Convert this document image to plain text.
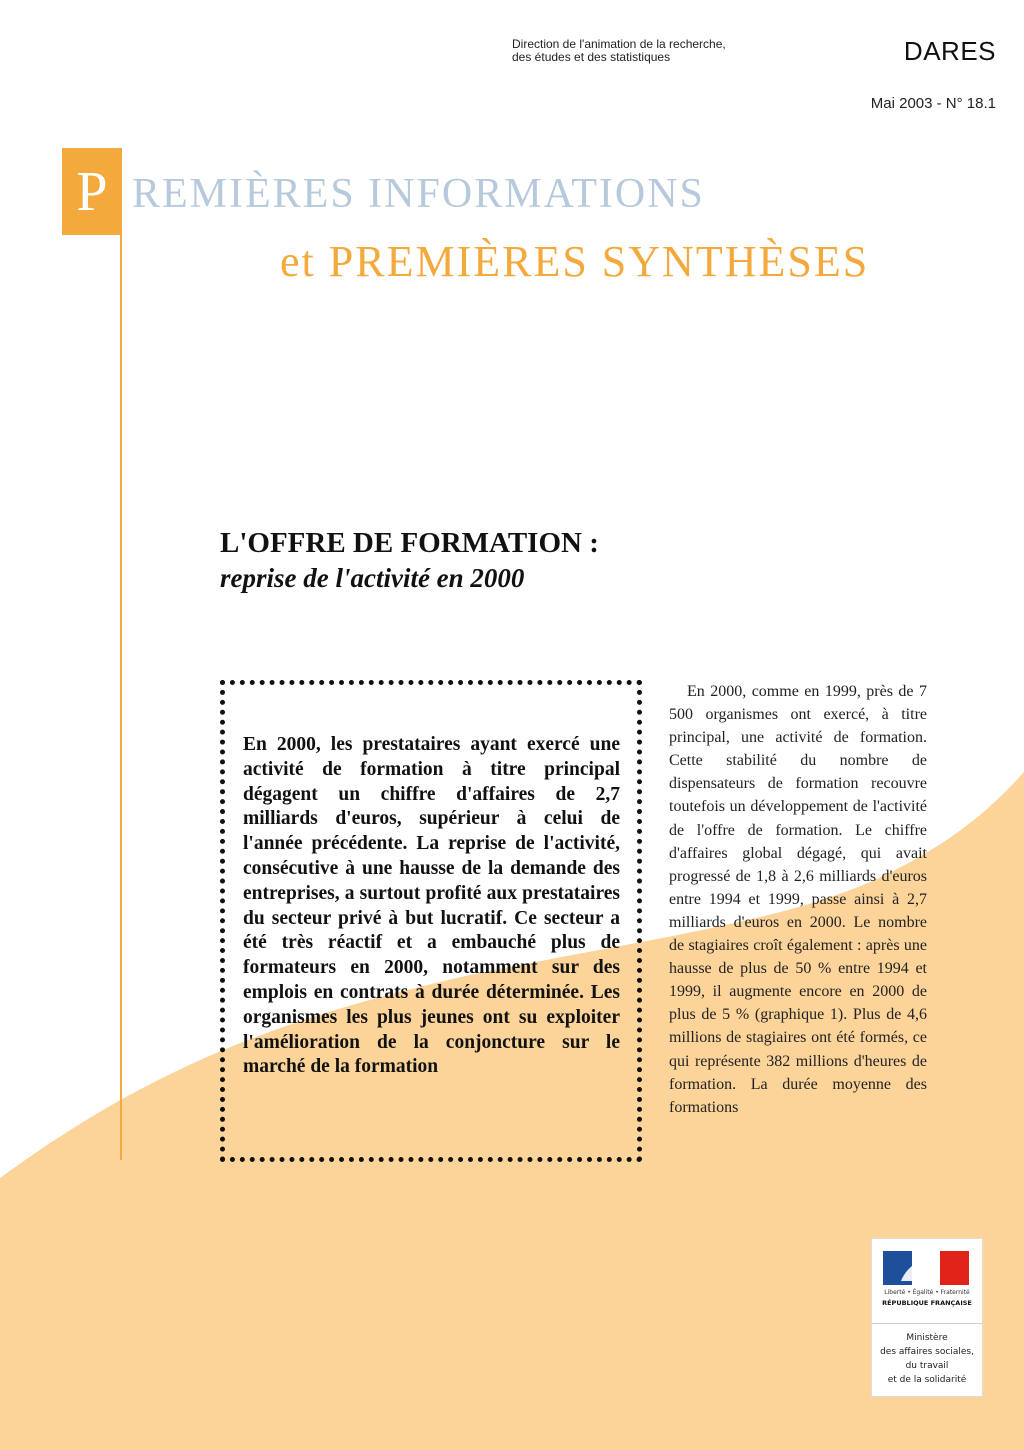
Direction de l'animation de la recherche,
des études et des statistiques	DARES
Mai 2003 - N° 18.1
P REMIÈRES INFORMATIONS
et PREMIÈRES SYNTHÈSES
L'OFFRE DE FORMATION :
reprise de l'activité en 2000

En 2000, les prestataires ayant exercé une activité de formation à titre principal dégagent un chiffre d'affaires de 2,7 milliards d'euros, supérieur à celui de l'année précédente. La reprise de l'activité, consécutive à une hausse de la demande des entreprises, a surtout profité aux prestataires du secteur privé à but lucratif. Ce secteur a été très réactif et a embauché plus de formateurs en 2000, notamment sur des emplois en contrats à durée déterminée. Les organismes les plus jeunes ont su exploiter l'amélioration de la conjoncture sur le marché de la formation

En 2000, comme en 1999, près de 7 500 organismes ont exercé, à titre principal, une activité de formation. Cette stabilité du nombre de dispensateurs de formation recouvre toutefois un développement de l'activité de l'offre de formation. Le chiffre d'affaires global dégagé, qui avait progressé de 1,8 à 2,6 milliards d'euros entre 1994 et 1999, passe ainsi à 2,7 milliards d'euros en 2000. Le nombre de stagiaires croît également : après une hausse de plus de 50 % entre 1994 et 1999, il augmente encore en 2000 de plus de 5 % (graphique 1). Plus de 4,6 millions de stagiaires ont été formés, ce qui représente 382 millions d'heures de formation. La durée moyenne des formations

Liberté • Égalité • Fraternité
RÉPUBLIQUE FRANÇAISE
Ministère
des affaires sociales,
du travail
et de la solidarité
